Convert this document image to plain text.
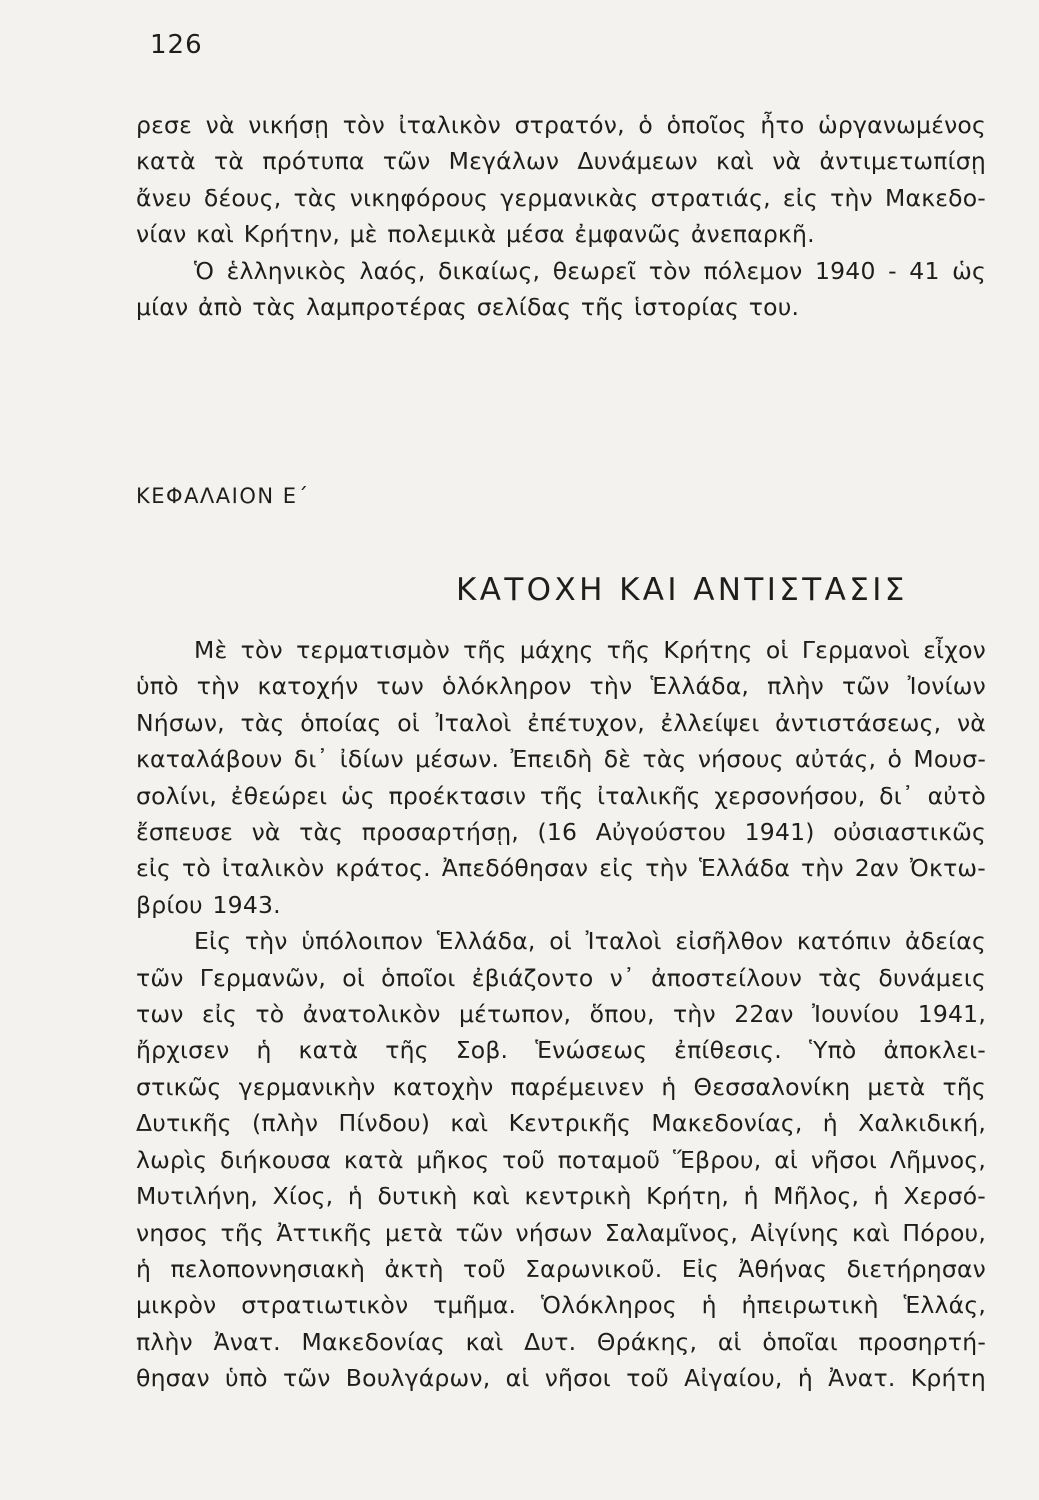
126
ρεσε νὰ νικήσῃ τὸν ἰταλικὸν στρατόν, ὁ ὁποῖος ἦτο ὡργανωμένος
κατὰ τὰ πρότυπα τῶν Μεγάλων Δυνάμεων καὶ νὰ ἀντιμετωπίσῃ
ἄνευ δέους, τὰς νικηφόρους γερμανικὰς στρατιάς, εἰς τὴν Μακεδο-
νίαν καὶ Κρήτην, μὲ πολεμικὰ μέσα ἐμφανῶς ἀνεπαρκῆ.
Ὁ ἑλληνικὸς λαός, δικαίως, θεωρεῖ τὸν πόλεμον 1940 - 41 ὡς
μίαν ἀπὸ τὰς λαμπροτέρας σελίδας τῆς ἱστορίας του.
ΚΕΦΑΛΑΙΟΝ Ε΄
ΚΑΤΟΧΗ ΚΑΙ ΑΝΤΙΣΤΑΣΙΣ
Μὲ τὸν τερματισμὸν τῆς μάχης τῆς Κρήτης οἱ Γερμανοὶ εἶχον
ὑπὸ τὴν κατοχήν των ὁλόκληρον τὴν Ἑλλάδα, πλὴν τῶν Ἰονίων
Νήσων, τὰς ὁποίας οἱ Ἰταλοὶ ἐπέτυχον, ἐλλείψει ἀντιστάσεως, νὰ
καταλάβουν δι᾽ ἰδίων μέσων. Ἐπειδὴ δὲ τὰς νήσους αὐτάς, ὁ Μουσ-
σολίνι, ἐθεώρει ὡς προέκτασιν τῆς ἰταλικῆς χερσονήσου, δι᾽ αὐτὸ
ἔσπευσε νὰ τὰς προσαρτήσῃ, (16 Αὐγούστου 1941) οὐσιαστικῶς
εἰς τὸ ἰταλικὸν κράτος. Ἀπεδόθησαν εἰς τὴν Ἑλλάδα τὴν 2αν Ὀκτω-
βρίου 1943.
Εἰς τὴν ὑπόλοιπον Ἑλλάδα, οἱ Ἰταλοὶ εἰσῆλθον κατόπιν ἀδείας
τῶν Γερμανῶν, οἱ ὁποῖοι ἐβιάζοντο ν᾽ ἀποστείλουν τὰς δυνάμεις
των εἰς τὸ ἀνατολικὸν μέτωπον, ὅπου, τὴν 22αν Ἰουνίου 1941,
ἤρχισεν ἡ κατὰ τῆς Σοβ. Ἑνώσεως ἐπίθεσις. Ὑπὸ ἀποκλει-
στικῶς γερμανικὴν κατοχὴν παρέμεινεν ἡ Θεσσαλονίκη μετὰ τῆς
Δυτικῆς (πλὴν Πίνδου) καὶ Κεντρικῆς Μακεδονίας, ἡ Χαλκιδική,
λωρὶς διήκουσα κατὰ μῆκος τοῦ ποταμοῦ Ἕβρου, αἱ νῆσοι Λῆμνος,
Μυτιλήνη, Χίος, ἡ δυτικὴ καὶ κεντρικὴ Κρήτη, ἡ Μῆλος, ἡ Χερσό-
νησος τῆς Ἀττικῆς μετὰ τῶν νήσων Σαλαμῖνος, Αἰγίνης καὶ Πόρου,
ἡ πελοποννησιακὴ ἀκτὴ τοῦ Σαρωνικοῦ. Εἰς Ἀθήνας διετήρησαν
μικρὸν στρατιωτικὸν τμῆμα. Ὁλόκληρος ἡ ἠπειρωτικὴ Ἑλλάς,
πλὴν Ἀνατ. Μακεδονίας καὶ Δυτ. Θράκης, αἱ ὁποῖαι προσηρτή-
θησαν ὑπὸ τῶν Βουλγάρων, αἱ νῆσοι τοῦ Αἰγαίου, ἡ Ἀνατ. Κρήτη
